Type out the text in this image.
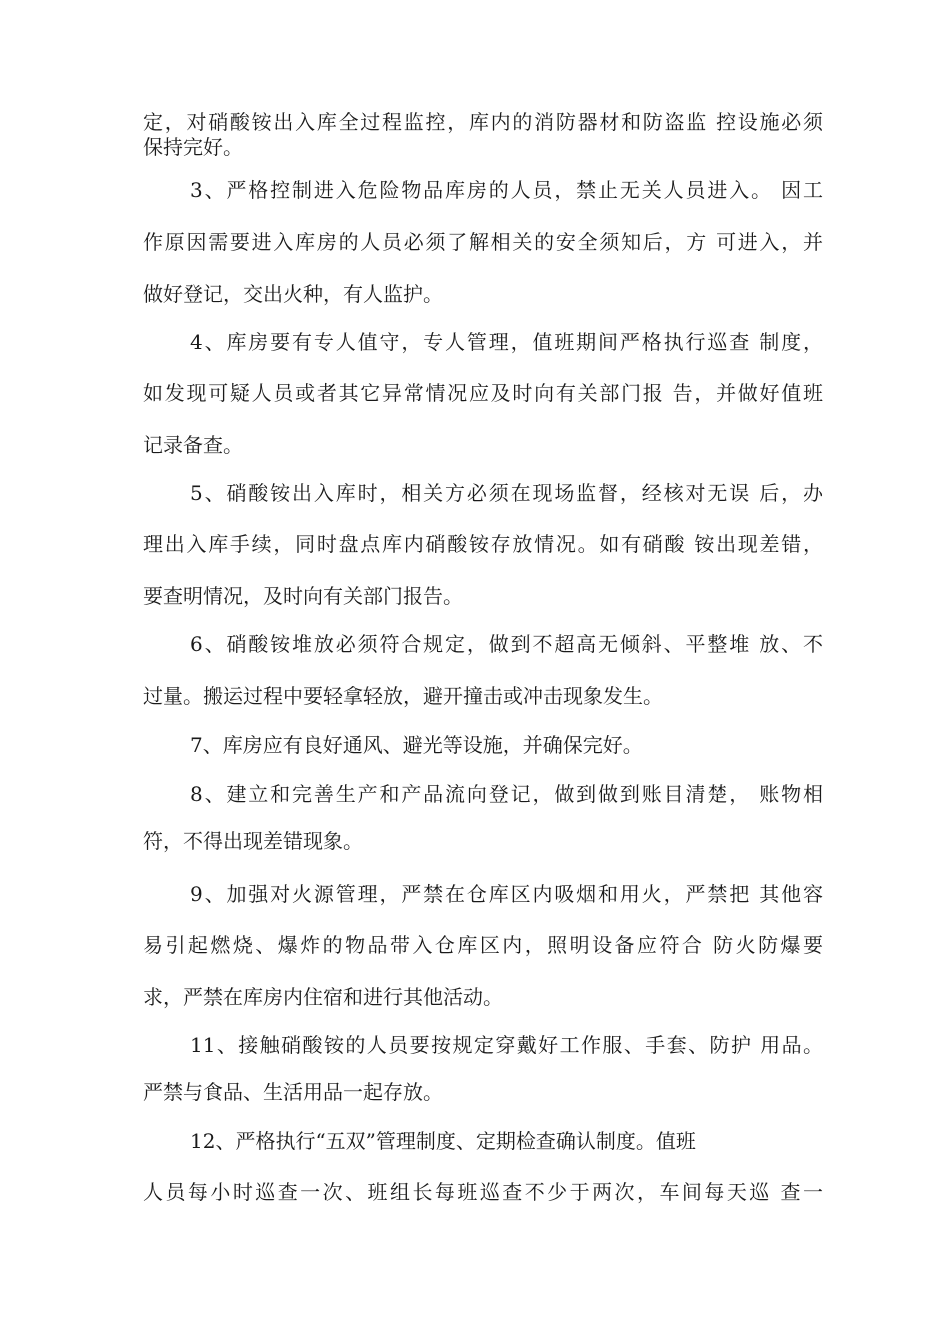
定，对硝酸铵出入库全过程监控，库内的消防器材和防盗监 控设施必须
保持完好。
3、严格控制进入危险物品库房的人员，禁止无关人员进入。 因工
作原因需要进入库房的人员必须了解相关的安全须知后，方 可进入，并
做好登记，交出火种，有人监护。
4、库房要有专人值守，专人管理，值班期间严格执行巡查 制度，
如发现可疑人员或者其它异常情况应及时向有关部门报 告，并做好值班
记录备查。
5、硝酸铵出入库时，相关方必须在现场监督，经核对无误 后，办
理出入库手续，同时盘点库内硝酸铵存放情况。如有硝酸 铵出现差错，
要查明情况，及时向有关部门报告。
6、硝酸铵堆放必须符合规定，做到不超高无倾斜、平整堆 放、不
过量。搬运过程中要轻拿轻放，避开撞击或冲击现象发生。
7、库房应有良好通风、避光等设施，并确保完好。
8、建立和完善生产和产品流向登记，做到做到账目清楚， 账物相
符，不得出现差错现象。
9、加强对火源管理，严禁在仓库区内吸烟和用火，严禁把 其他容
易引起燃烧、爆炸的物品带入仓库区内，照明设备应符合 防火防爆要
求，严禁在库房内住宿和进行其他活动。
11、接触硝酸铵的人员要按规定穿戴好工作服、手套、防护 用品。
严禁与食品、生活用品一起存放。
12、严格执行“五双”管理制度、定期检查确认制度。值班
人员每小时巡查一次、班组长每班巡查不少于两次，车间每天巡 查一
